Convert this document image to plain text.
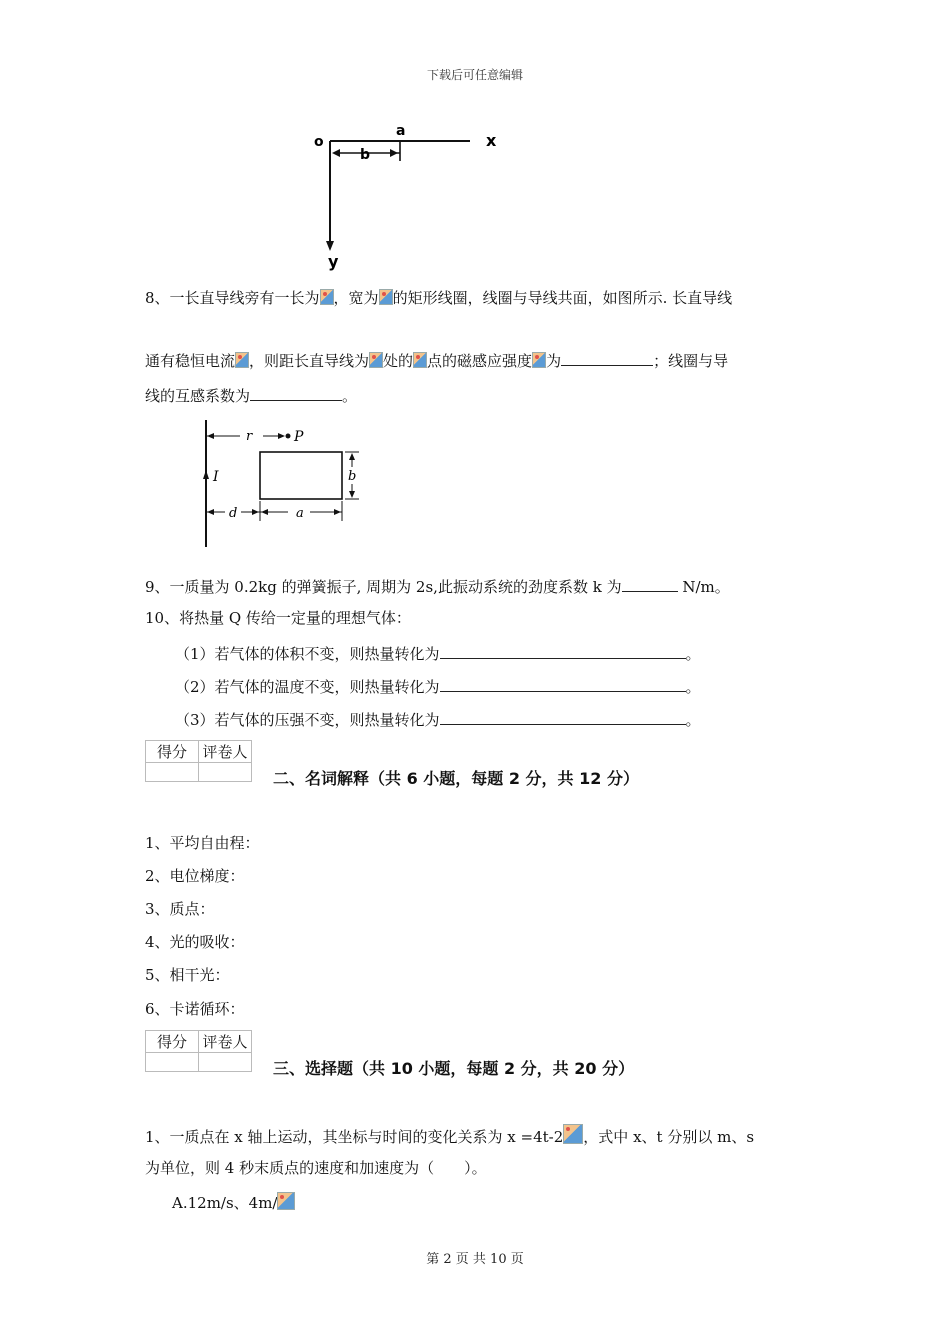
下载后可任意编辑
o
a
b
x
y
8、一长直导线旁有一长为 ，宽为 的矩形线圈，线圈与导线共面，如图所示. 长直导线
通有稳恒电流 ，则距长直导线为 处的 点的磁感应强度 为	；线圈与导
线的互感系数为	。
r	P
I	b
d	a
9、一质量为 0.2kg 的弹簧振子, 周期为 2s,此振动系统的劲度系数 k 为	N/m。
10、将热量 Q 传给一定量的理想气体：
（1）若气体的体积不变，则热量转化为	。
（2）若气体的温度不变，则热量转化为	。
（3）若气体的压强不变，则热量转化为	。
得分	评卷人

二、名词解释（共 6 小题，每题 2 分，共 12 分）
1、平均自由程：
2、电位梯度：
3、质点：
4、光的吸收：
5、相干光：
6、卡诺循环：
得分	评卷人

三、选择题（共 10 小题，每题 2 分，共 20 分）
1、一质点在 x 轴上运动，其坐标与时间的变化关系为 x =4t-2 ，式中 x、t 分别以 m、s
为单位，则 4 秒末质点的速度和加速度为（　　）。
A.12m/s、4m/
第 2 页 共 10 页
